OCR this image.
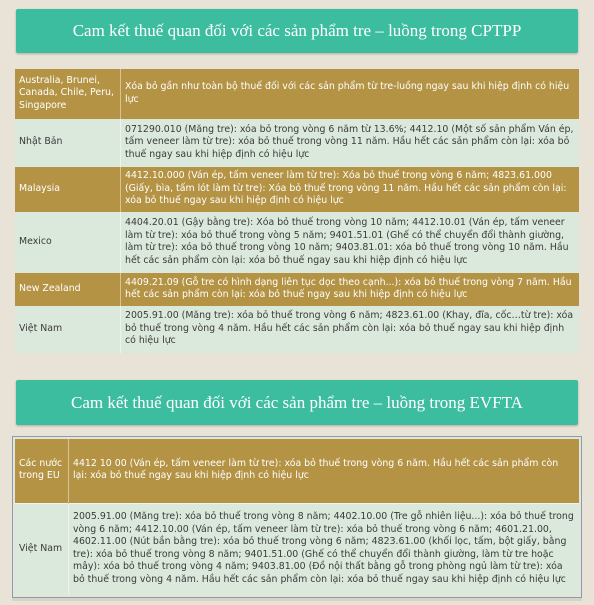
Cam kết thuế quan đối với các sản phẩm tre – luồng trong CPTPP
Australia, Brunei, Canada, Chile, Peru, Singapore	Xóa bỏ gần như toàn bộ thuế đối với các sản phẩm từ tre-luồng ngay sau khi hiệp định có hiệu lực
Nhật Bản	071290.010 (Măng tre): xóa bỏ trong vòng 6 năm từ 13.6%; 4412.10 (Một số sản phẩm Ván ép, tấm veneer làm từ tre): xóa bỏ thuế trong vòng 11 năm. Hầu hết các sản phẩm còn lại: xóa bỏ thuế ngay sau khi hiệp định có hiệu lực
Malaysia	4412.10.000 (Ván ép, tấm veneer làm từ tre): Xóa bỏ thuế trong vòng 6 năm; 4823.61.000 (Giấy, bìa, tấm lót làm từ tre): Xóa bỏ thuế trong vòng 11 năm. Hầu hết các sản phẩm còn lại: xóa bỏ thuế ngay sau khi hiệp định có hiệu lực
Mexico	4404.20.01 (Gậy bằng tre): Xóa bỏ thuế trong vòng 10 năm; 4412.10.01 (Ván ép, tấm veneer làm từ tre): xóa bỏ thuế trong vòng 5 năm; 9401.51.01 (Ghế có thể chuyển đổi thành giường, làm từ tre): xóa bỏ thuế trong vòng 10 năm; 9403.81.01: xóa bỏ thuế trong vòng 10 năm. Hầu hết các sản phẩm còn lại: xóa bỏ thuế ngay sau khi hiệp định có hiệu lực
New Zealand	4409.21.09 (Gỗ tre có hình dạng liên tục dọc theo cạnh...): xóa bỏ thuế trong vòng 7 năm. Hầu hết các sản phẩm còn lại: xóa bỏ thuế ngay sau khi hiệp định có hiệu lực
Việt Nam	2005.91.00 (Măng tre): xóa bỏ thuế trong vòng 6 năm; 4823.61.00 (Khay, đĩa, cốc…từ tre): xóa bỏ thuế trong vòng 4 năm. Hầu hết các sản phẩm còn lại: xóa bỏ thuế ngay sau khi hiệp định có hiệu lực
Cam kết thuế quan đối với các sản phẩm tre – luồng trong EVFTA
Các nước trong EU	4412 10 00 (Ván ép, tấm veneer làm từ tre): xóa bỏ thuế trong vòng 6 năm. Hầu hết các sản phẩm còn lại: xóa bỏ thuế ngay sau khi hiệp định có hiệu lực
Việt Nam	2005.91.00 (Măng tre): xóa bỏ thuế trong vòng 8 năm; 4402.10.00 (Tre gỗ nhiên liệu...): xóa bỏ thuế trong vòng 6 năm; 4412.10.00 (Ván ép, tấm veneer làm từ tre): xóa bỏ thuế trong vòng 6 năm; 4601.21.00, 4602.11.00 (Nút bần bằng tre): xóa bỏ thuế trong vòng 6 năm; 4823.61.00 (khối lọc, tấm, bột giấy, bằng tre): xóa bỏ thuế trong vòng 8 năm; 9401.51.00 (Ghế có thể chuyển đổi thành giường, làm từ tre hoặc mây): xóa bỏ thuế trong vòng 4 năm; 9403.81.00 (Đồ nội thất bằng gỗ trong phòng ngủ làm từ tre): xóa bỏ thuế trong vòng 4 năm. Hầu hết các sản phẩm còn lại: xóa bỏ thuế ngay sau khi hiệp định có hiệu lực
